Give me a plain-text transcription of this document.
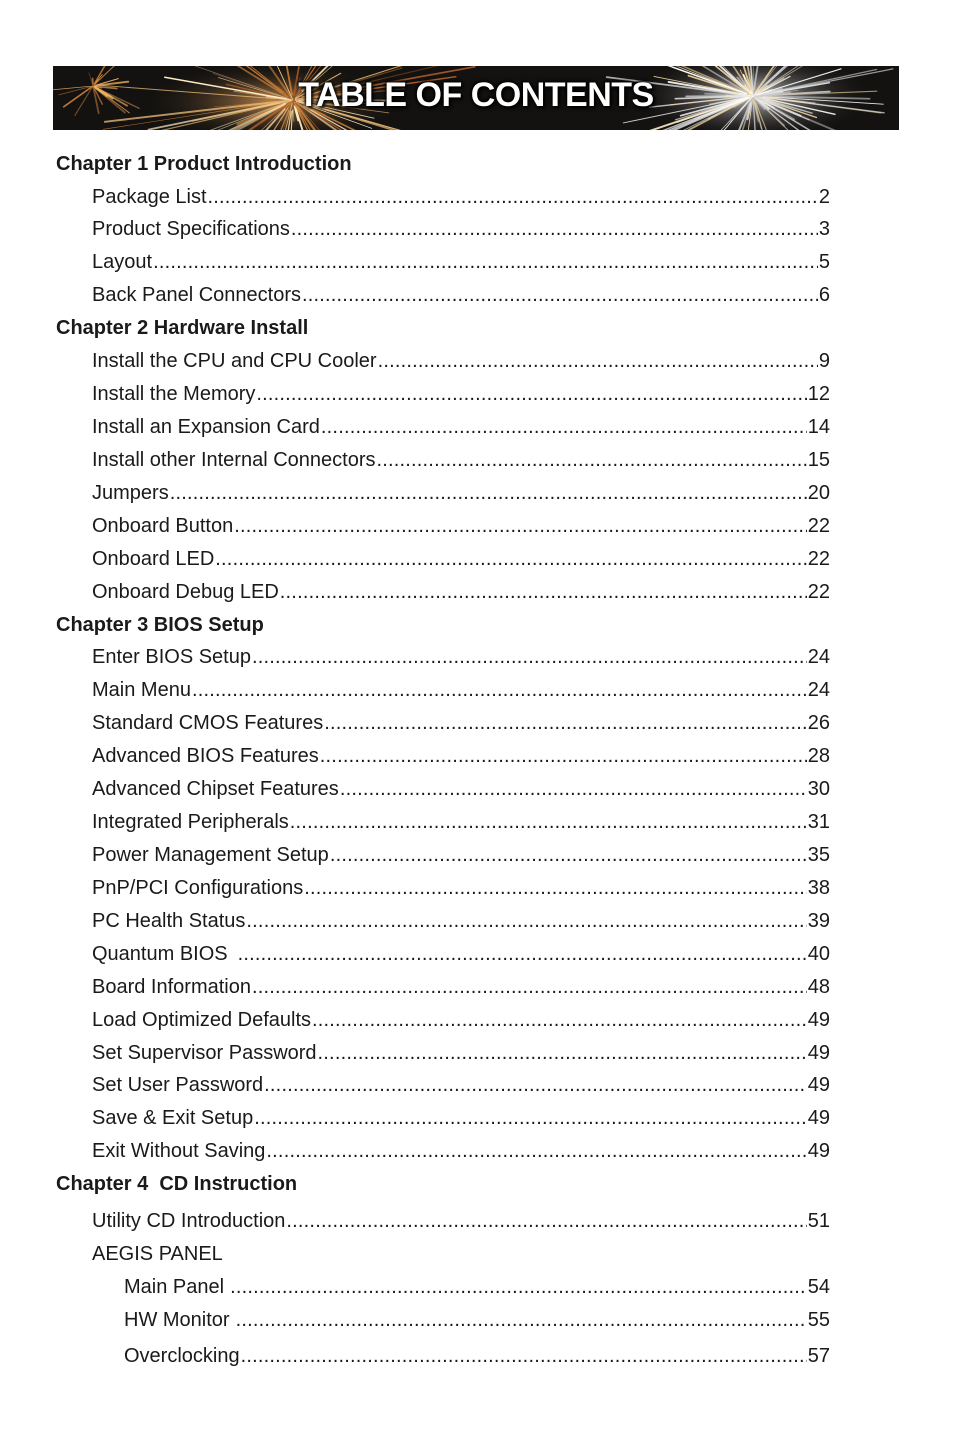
TABLE OF CONTENTS
Chapter 1 Product Introduction
Package List .....	2
Product Specifications .....	3
Layout .....	5
Back Panel Connectors .....	6
Chapter 2 Hardware Install
Install the CPU and CPU Cooler .....	9
Install the Memory .....	12
Install an Expansion Card .....	14
Install other Internal Connectors .....	15
Jumpers .....	20
Onboard Button .....	22
Onboard LED .....	22
Onboard Debug LED .....	22
Chapter 3 BIOS Setup
Enter BIOS Setup .....	24
Main Menu .....	24
Standard CMOS Features .....	26
Advanced BIOS Features .....	28
Advanced Chipset Features .....	30
Integrated Peripherals .....	31
Power Management Setup .....	35
PnP/PCI Configurations .....	38
PC Health Status .....	39
Quantum BIOS .....	40
Board Information .....	48
Load Optimized Defaults .....	49
Set Supervisor Password .....	49
Set User Password .....	49
Save & Exit Setup .....	49
Exit Without Saving .....	49
Chapter 4  CD Instruction
Utility CD Introduction .....	51
AEGIS PANEL
Main Panel .....	54
HW Monitor .....	55
Overclocking .....	57
